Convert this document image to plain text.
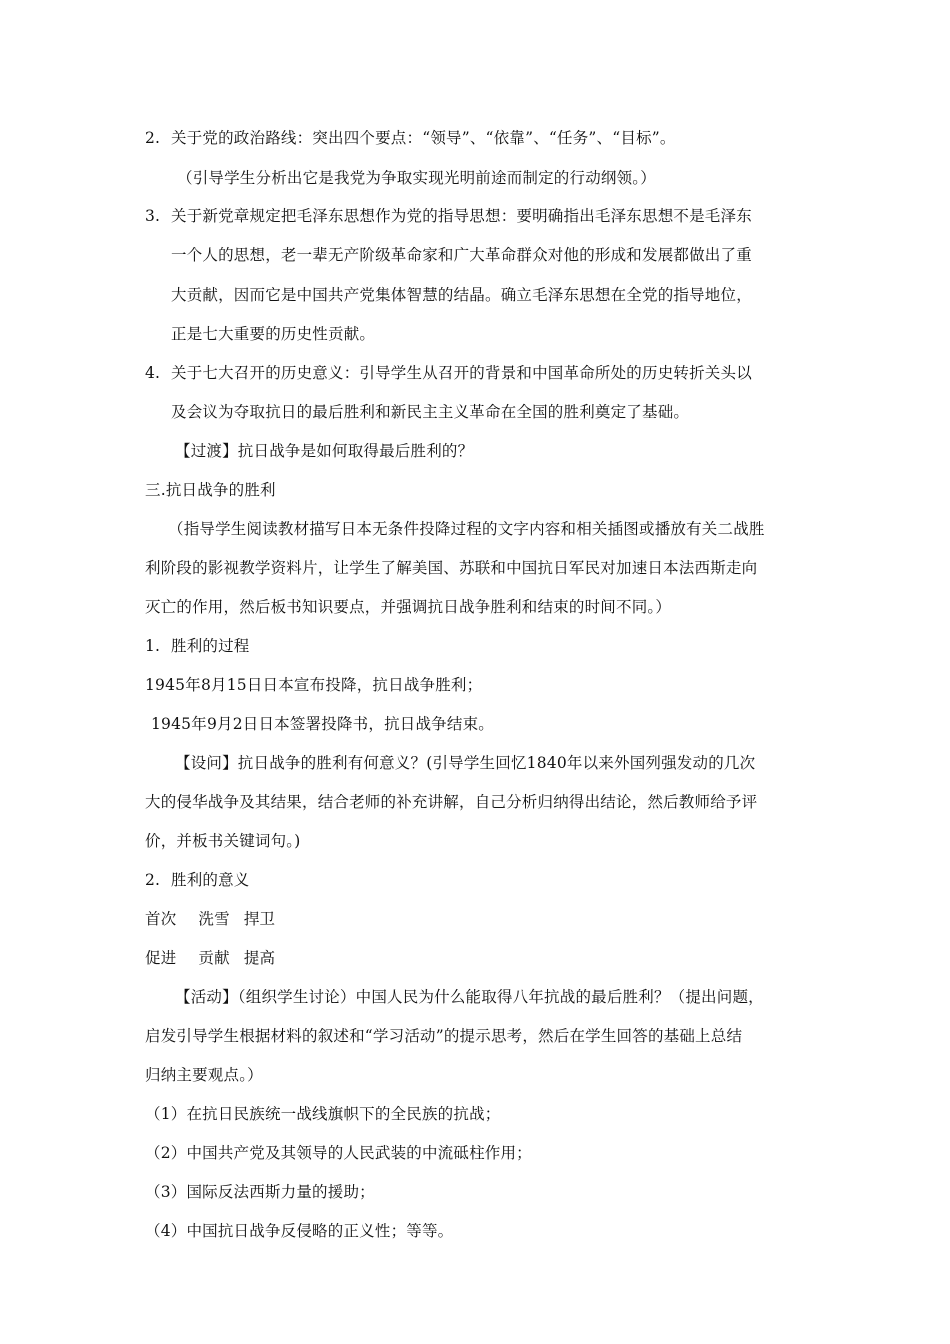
2. 关于党的政治路线：突出四个要点：“领导”、“依靠”、“任务”、“目标”。
（引导学生分析出它是我党为争取实现光明前途而制定的行动纲领。）
3. 关于新党章规定把毛泽东思想作为党的指导思想：要明确指出毛泽东思想不是毛泽东
一个人的思想，老一辈无产阶级革命家和广大革命群众对他的形成和发展都做出了重
大贡献，因而它是中国共产党集体智慧的结晶。确立毛泽东思想在全党的指导地位，
正是七大重要的历史性贡献。
4. 关于七大召开的历史意义：引导学生从召开的背景和中国革命所处的历史转折关头以
及会议为夺取抗日的最后胜利和新民主主义革命在全国的胜利奠定了基础。
【过渡】抗日战争是如何取得最后胜利的？
三.抗日战争的胜利
（指导学生阅读教材描写日本无条件投降过程的文字内容和相关插图或播放有关二战胜
利阶段的影视教学资料片，让学生了解美国、苏联和中国抗日军民对加速日本法西斯走向
灭亡的作用，然后板书知识要点，并强调抗日战争胜利和结束的时间不同。）
1. 胜利的过程
1945年8月15日日本宣布投降，抗日战争胜利；
1945年9月2日日本签署投降书，抗日战争结束。
【设问】抗日战争的胜利有何意义？(引导学生回忆1840年以来外国列强发动的几次
大的侵华战争及其结果，结合老师的补充讲解，自己分析归纳得出结论，然后教师给予评
价，并板书关键词句。)
2. 胜利的意义
首次 洗雪 捍卫
促进 贡献 提高
【活动】（组织学生讨论）中国人民为什么能取得八年抗战的最后胜利？（提出问题，
启发引导学生根据材料的叙述和“学习活动”的提示思考，然后在学生回答的基础上总结
归纳主要观点。）
（1）在抗日民族统一战线旗帜下的全民族的抗战；
（2）中国共产党及其领导的人民武装的中流砥柱作用；
（3）国际反法西斯力量的援助；
（4）中国抗日战争反侵略的正义性；等等。
